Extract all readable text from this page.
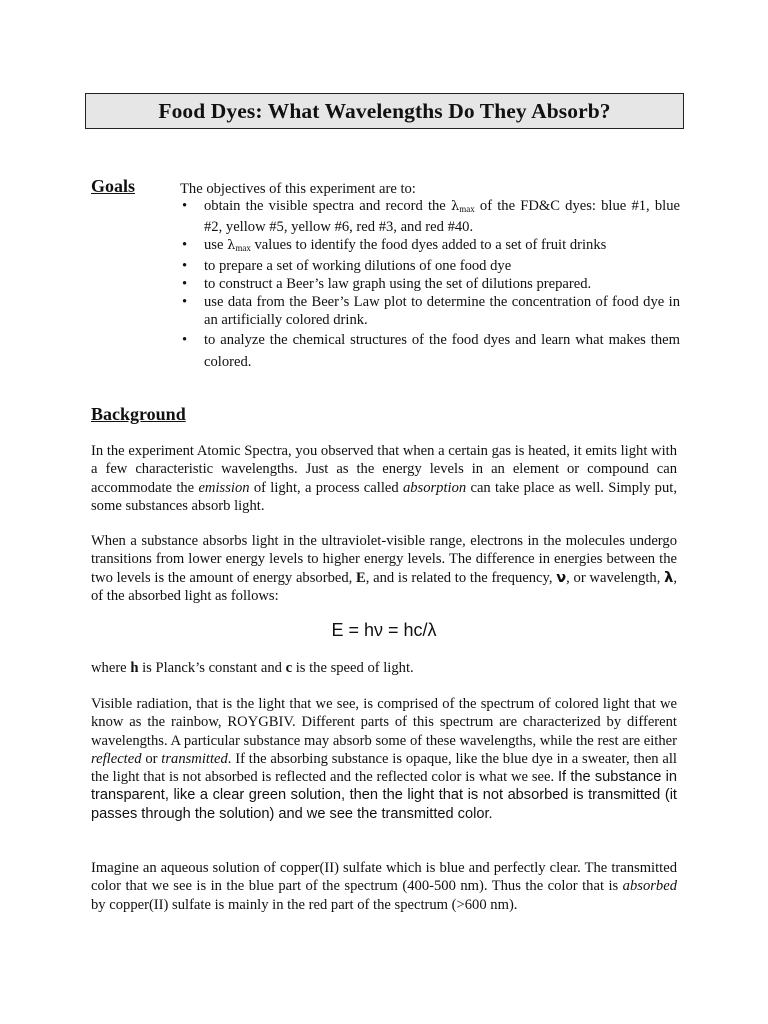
Food Dyes: What Wavelengths Do They Absorb?
Goals	The objectives of this experiment are to:
• obtain the visible spectra and record the $\lambda_{max}$ of the FD&C dyes: blue #1, blue #2, yellow #5, yellow #6, red #3, and red #40.
• use $\lambda_{max}$ values to identify the food dyes added to a set of fruit drinks
• to prepare a set of working dilutions of one food dye
• to construct a Beer’s law graph using the set of dilutions prepared.
• use data from the Beer’s Law plot to determine the concentration of food dye in an artificially colored drink.
• to analyze the chemical structures of the food dyes and learn what makes them colored.
Background

In the experiment Atomic Spectra, you observed that when a certain gas is heated, it emits light with a few characteristic wavelengths. Just as the energy levels in an element or compound can accommodate the emission of light, a process called absorption can take place as well. Simply put, some substances absorb light.

When a substance absorbs light in the ultraviolet-visible range, electrons in the molecules undergo transitions from lower energy levels to higher energy levels. The difference in energies between the two levels is the amount of energy absorbed, E, and is related to the frequency, ν, or wavelength, λ, of the absorbed light as follows:

E = hν = hc/λ

where h is Planck’s constant and c is the speed of light.

Visible radiation, that is the light that we see, is comprised of the spectrum of colored light that we know as the rainbow, ROYGBIV. Different parts of this spectrum are characterized by different wavelengths. A particular substance may absorb some of these wavelengths, while the rest are either reflected or transmitted. If the absorbing substance is opaque, like the blue dye in a sweater, then all the light that is not absorbed is reflected and the reflected color is what we see. If the substance in transparent, like a clear green solution, then the light that is not absorbed is transmitted (it passes through the solution) and we see the transmitted color.

Imagine an aqueous solution of copper(II) sulfate which is blue and perfectly clear. The transmitted color that we see is in the blue part of the spectrum (400-500 nm). Thus the color that is absorbed by copper(II) sulfate is mainly in the red part of the spectrum (>600 nm).
